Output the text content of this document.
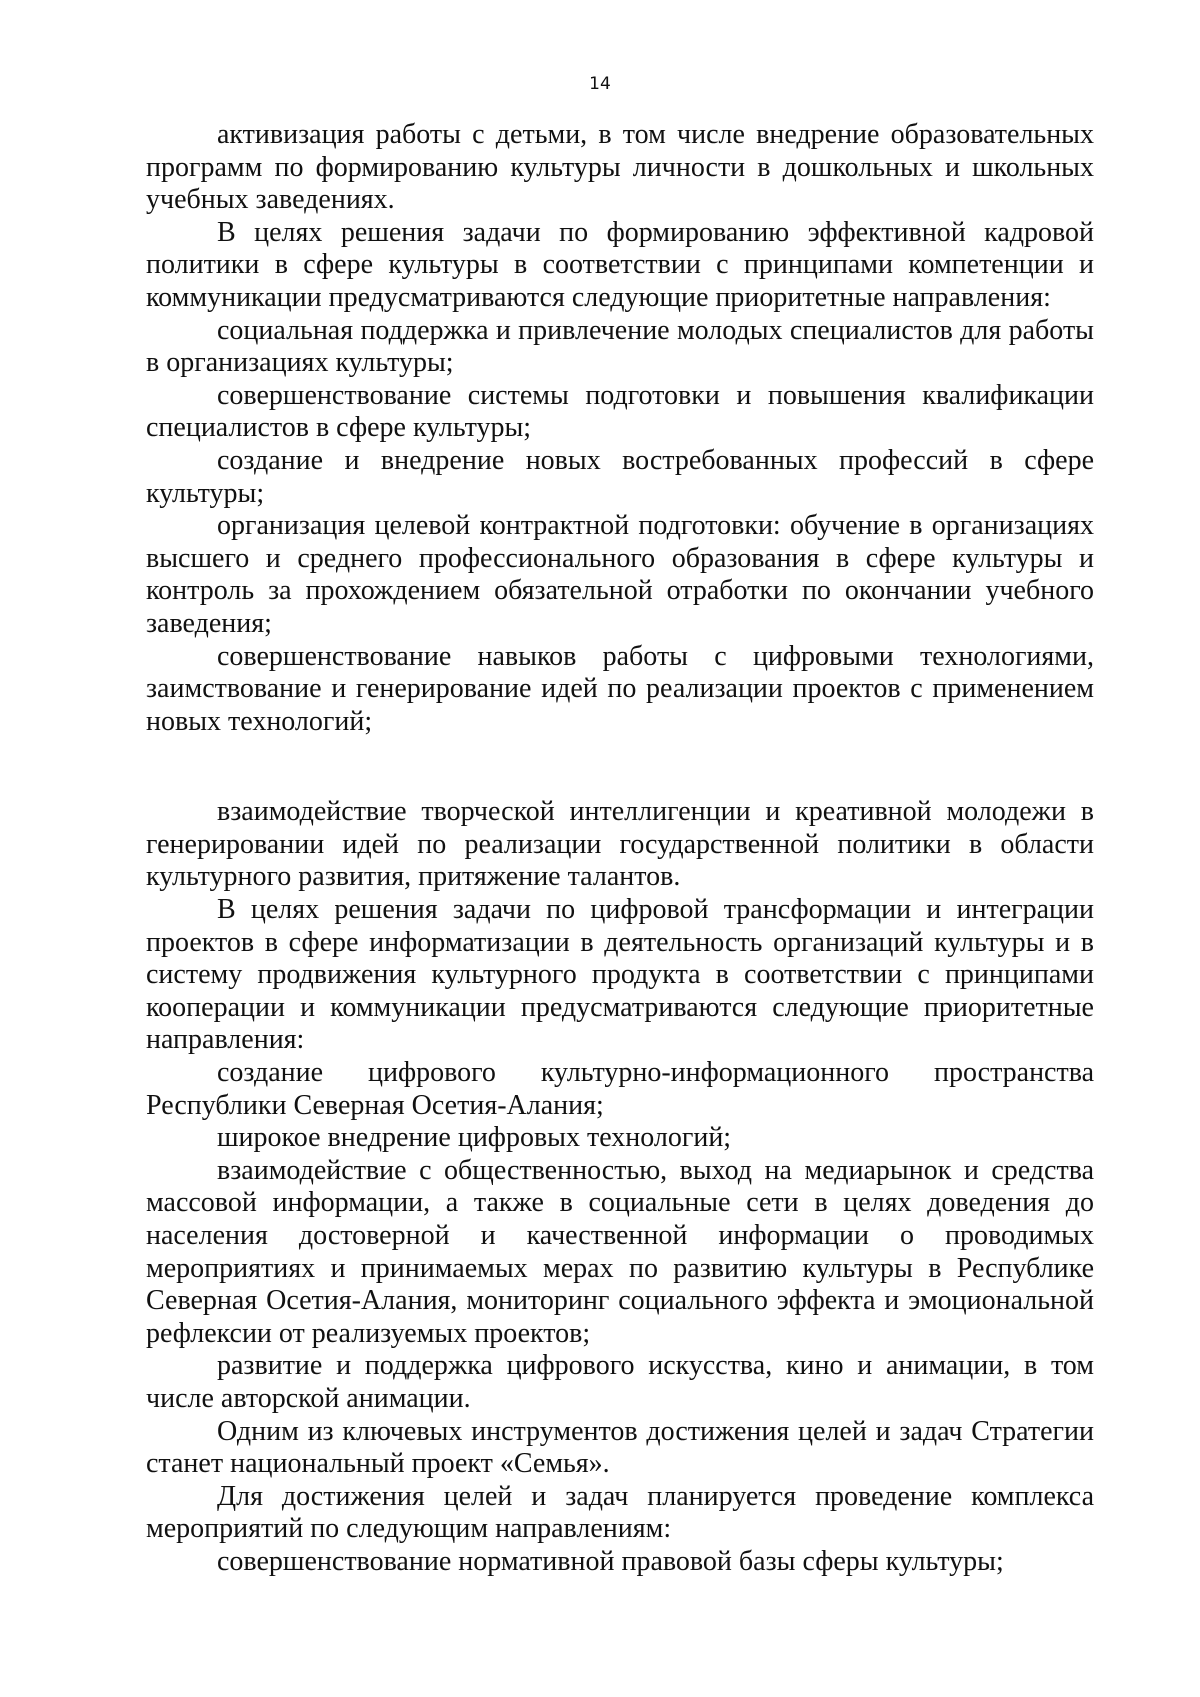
14

активизация работы с детьми, в том числе внедрение образовательных программ по формированию культуры личности в дошкольных и школьных учебных заведениях.

В целях решения задачи по формированию эффективной кадровой политики в сфере культуры в соответствии с принципами компетенции и коммуникации предусматриваются следующие приоритетные направления:

социальная поддержка и привлечение молодых специалистов для работы в организациях культуры;

совершенствование системы подготовки и повышения квалификации специалистов в сфере культуры;

создание и внедрение новых востребованных профессий в сфере культуры;

организация целевой контрактной подготовки: обучение в организациях высшего и среднего профессионального образования в сфере культуры и контроль за прохождением обязательной отработки по окончании учебного заведения;

совершенствование навыков работы с цифровыми технологиями, заимствование и генерирование идей по реализации проектов с применением новых технологий;

взаимодействие творческой интеллигенции и креативной молодежи в генерировании идей по реализации государственной политики в области культурного развития, притяжение талантов.

В целях решения задачи по цифровой трансформации и интеграции проектов в сфере информатизации в деятельность организаций культуры и в систему продвижения культурного продукта в соответствии с принципами кооперации и коммуникации предусматриваются следующие приоритетные направления:

создание цифрового культурно-информационного пространства Республики Северная Осетия-Алания;

широкое внедрение цифровых технологий;

взаимодействие с общественностью, выход на медиарынок и средства массовой информации, а также в социальные сети в целях доведения до населения достоверной и качественной информации о проводимых мероприятиях и принимаемых мерах по развитию культуры в Республике Северная Осетия-Алания, мониторинг социального эффекта и эмоциональной рефлексии от реализуемых проектов;

развитие и поддержка цифрового искусства, кино и анимации, в том числе авторской анимации.

Одним из ключевых инструментов достижения целей и задач Стратегии станет национальный проект «Семья».

Для достижения целей и задач планируется проведение комплекса мероприятий по следующим направлениям:

совершенствование нормативной правовой базы сферы культуры;
